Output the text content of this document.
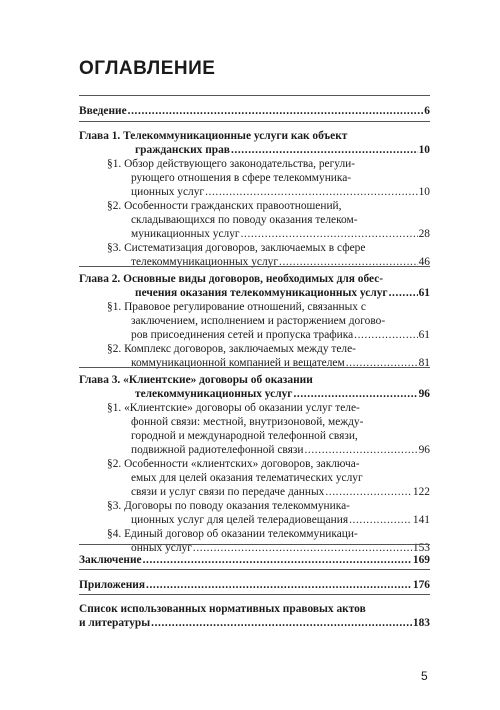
ОГЛАВЛЕНИЕ
Введение .....	6
Глава 1. Телекоммуникационные услуги как объект
гражданских прав .....	10
§1. Обзор действующего законодательства, регули-
рующего отношения в сфере телекоммуника-
ционных услуг .....	10
§2. Особенности гражданских правоотношений,
складывающихся по поводу оказания телеком-
муникационных услуг .....	28
§3. Систематизация договоров, заключаемых в сфере
телекоммуникационных услуг .....	46
Глава 2. Основные виды договоров, необходимых для обес-
печения оказания телекоммуникационных услуг .....	61
§1. Правовое регулирование отношений, связанных с
заключением, исполнением и расторжением догово-
ров присоединения сетей и пропуска трафика .....	61
§2. Комплекс договоров, заключаемых между теле-
коммуникационной компанией и вещателем .....	81
Глава 3. «Клиентские» договоры об оказании
телекоммуникационных услуг .....	96
§1. «Клиентские» договоры об оказании услуг теле-
фонной связи: местной, внутризоновой, между-
городной и международной телефонной связи,
подвижной радиотелефонной связи .....	96
§2. Особенности «клиентских» договоров, заключа-
емых для целей оказания телематических услуг
связи и услуг связи по передаче данных .....	122
§3. Договоры по поводу оказания телекоммуника-
ционных услуг для целей телерадиовещания .....	141
§4. Единый договор об оказании телекоммуникаци-
онных услуг .....	153
Заключение .....	169
Приложения .....	176
Список использованных нормативных правовых актов
и литературы .....	183
5
